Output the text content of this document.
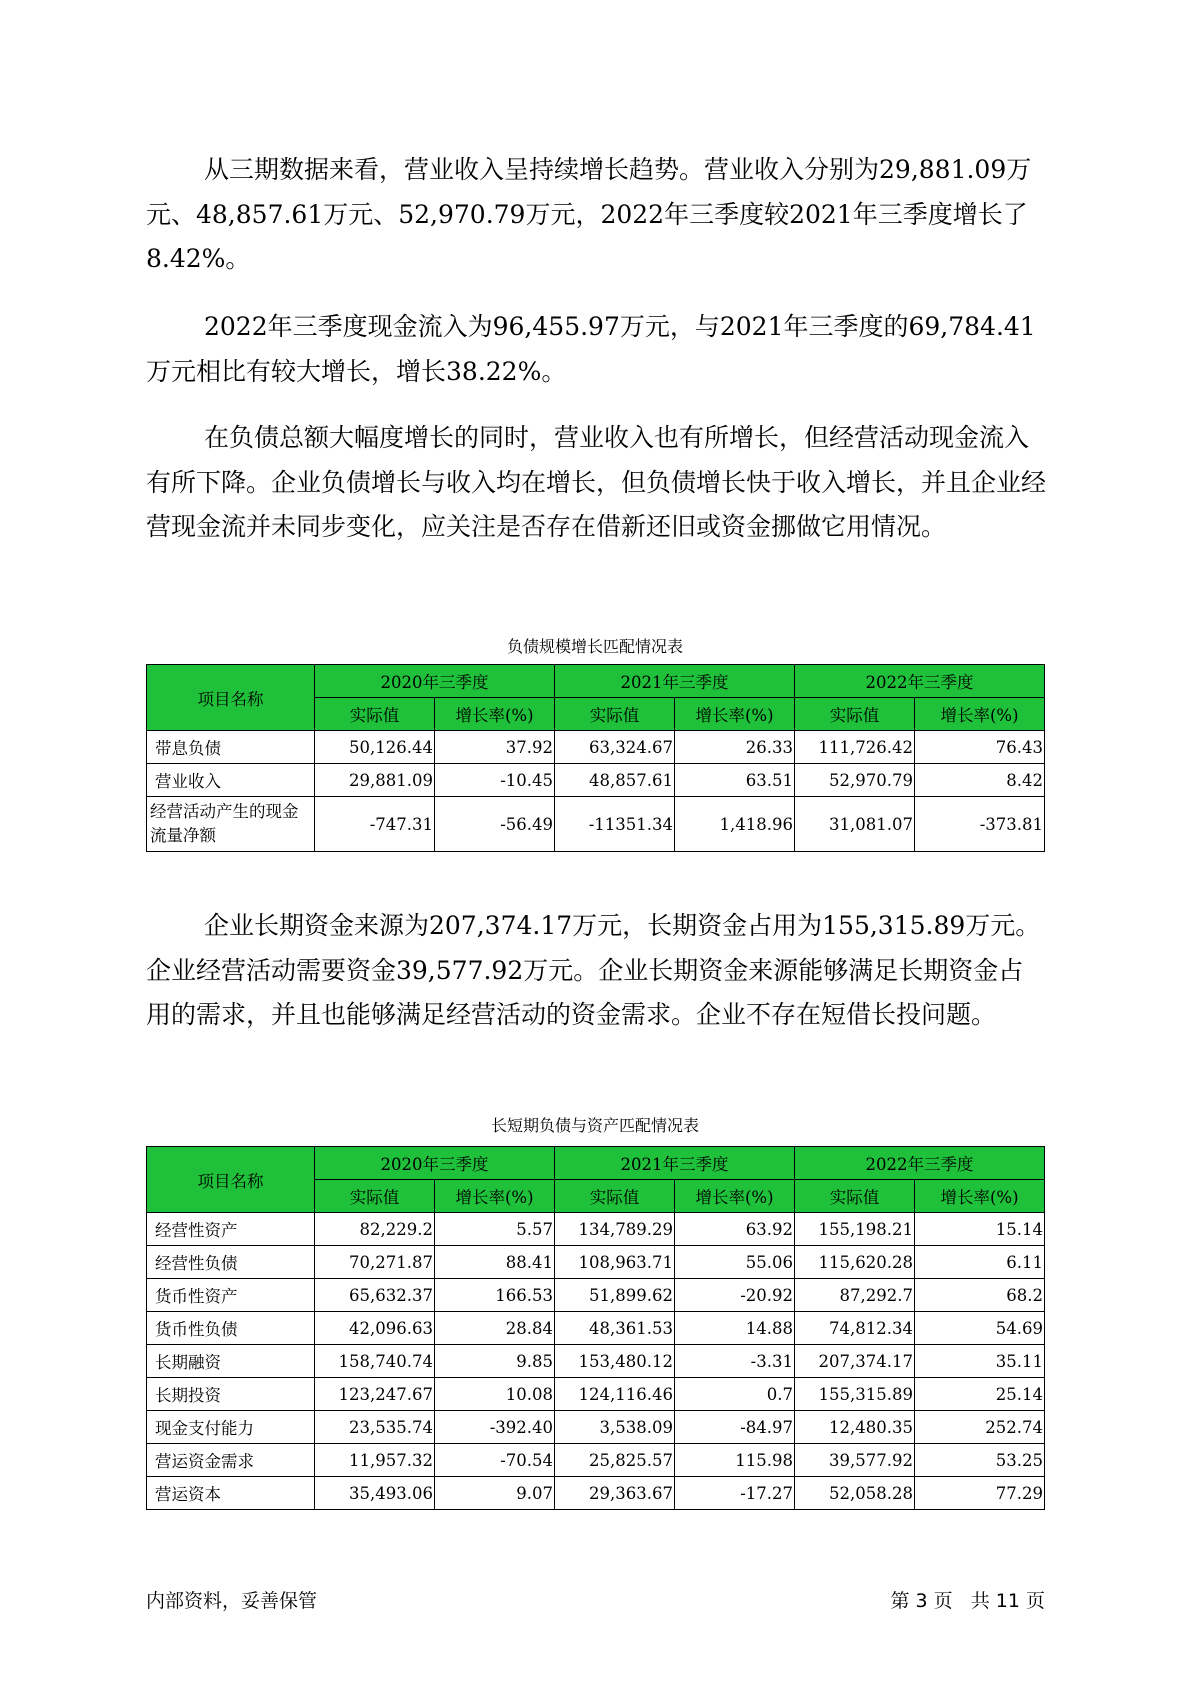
从三期数据来看，营业收入呈持续增长趋势。营业收入分别为29,881.09万元、48,857.61万元、52,970.79万元，2022年三季度较2021年三季度增长了8.42%。

2022年三季度现金流入为96,455.97万元，与2021年三季度的69,784.41万元相比有较大增长，增长38.22%。

在负债总额大幅度增长的同时，营业收入也有所增长，但经营活动现金流入有所下降。企业负债增长与收入均在增长，但负债增长快于收入增长，并且企业经营现金流并未同步变化，应关注是否存在借新还旧或资金挪做它用情况。

负债规模增长匹配情况表

项目名称	2020年三季度		2021年三季度		2022年三季度	
	实际值	增长率(%)	实际值	增长率(%)	实际值	增长率(%)
带息负债	50,126.44	37.92	63,324.67	26.33	111,726.42	76.43
营业收入	29,881.09	-10.45	48,857.61	63.51	52,970.79	8.42
经营活动产生的现金流量净额	-747.31	-56.49	-11351.34	1,418.96	31,081.07	-373.81

企业长期资金来源为207,374.17万元，长期资金占用为155,315.89万元。企业经营活动需要资金39,577.92万元。企业长期资金来源能够满足长期资金占用的需求，并且也能够满足经营活动的资金需求。企业不存在短借长投问题。

长短期负债与资产匹配情况表

项目名称	2020年三季度		2021年三季度		2022年三季度	
	实际值	增长率(%)	实际值	增长率(%)	实际值	增长率(%)
经营性资产	82,229.2	5.57	134,789.29	63.92	155,198.21	15.14
经营性负债	70,271.87	88.41	108,963.71	55.06	115,620.28	6.11
货币性资产	65,632.37	166.53	51,899.62	-20.92	87,292.7	68.2
货币性负债	42,096.63	28.84	48,361.53	14.88	74,812.34	54.69
长期融资	158,740.74	9.85	153,480.12	-3.31	207,374.17	35.11
长期投资	123,247.67	10.08	124,116.46	0.7	155,315.89	25.14
现金支付能力	23,535.74	-392.40	3,538.09	-84.97	12,480.35	252.74
营运资金需求	11,957.32	-70.54	25,825.57	115.98	39,577.92	53.25
营运资本	35,493.06	9.07	29,363.67	-17.27	52,058.28	77.29
内部资料，妥善保管	第 3 页   共 11 页
